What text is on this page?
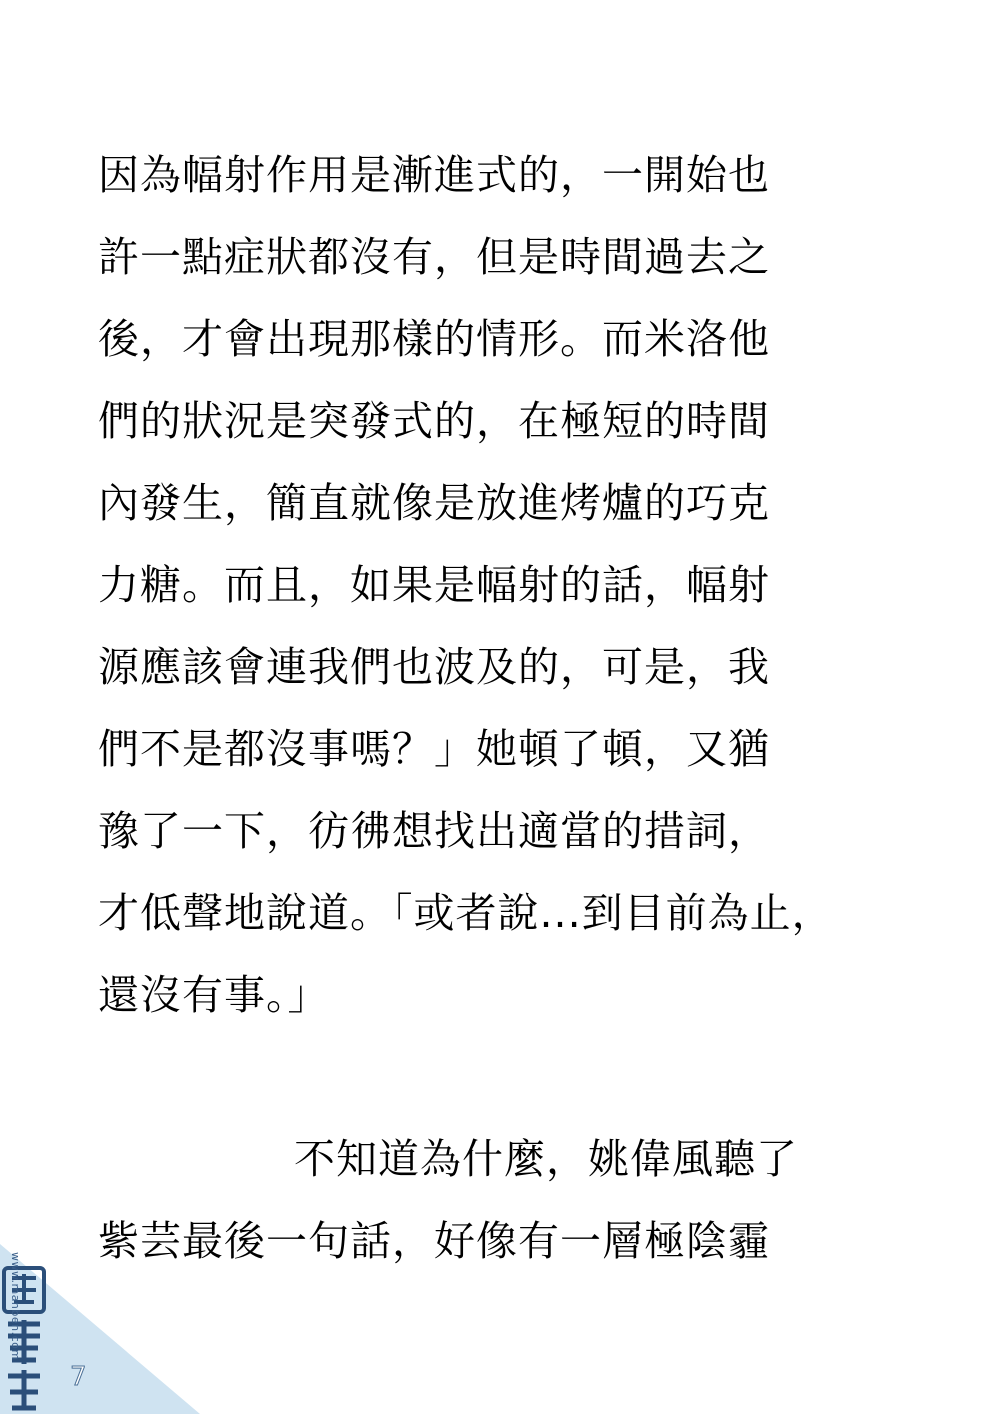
因為幅射作用是漸進式的，一開始也
許一點症狀都沒有，但是時間過去之
後，才會出現那樣的情形。而米洛他
們的狀況是突發式的，在極短的時間
內發生，簡直就像是放進烤爐的巧克
力糖。而且，如果是幅射的話，幅射
源應該會連我們也波及的，可是，我
們不是都沒事嗎？」她頓了頓，又猶
豫了一下，彷彿想找出適當的措詞，
才低聲地說道。「或者說...到目前為止，
還沒有事。」
不知道為什麼，姚偉風聽了
紫芸最後一句話，好像有一層極陰霾
www.manben.com
7
